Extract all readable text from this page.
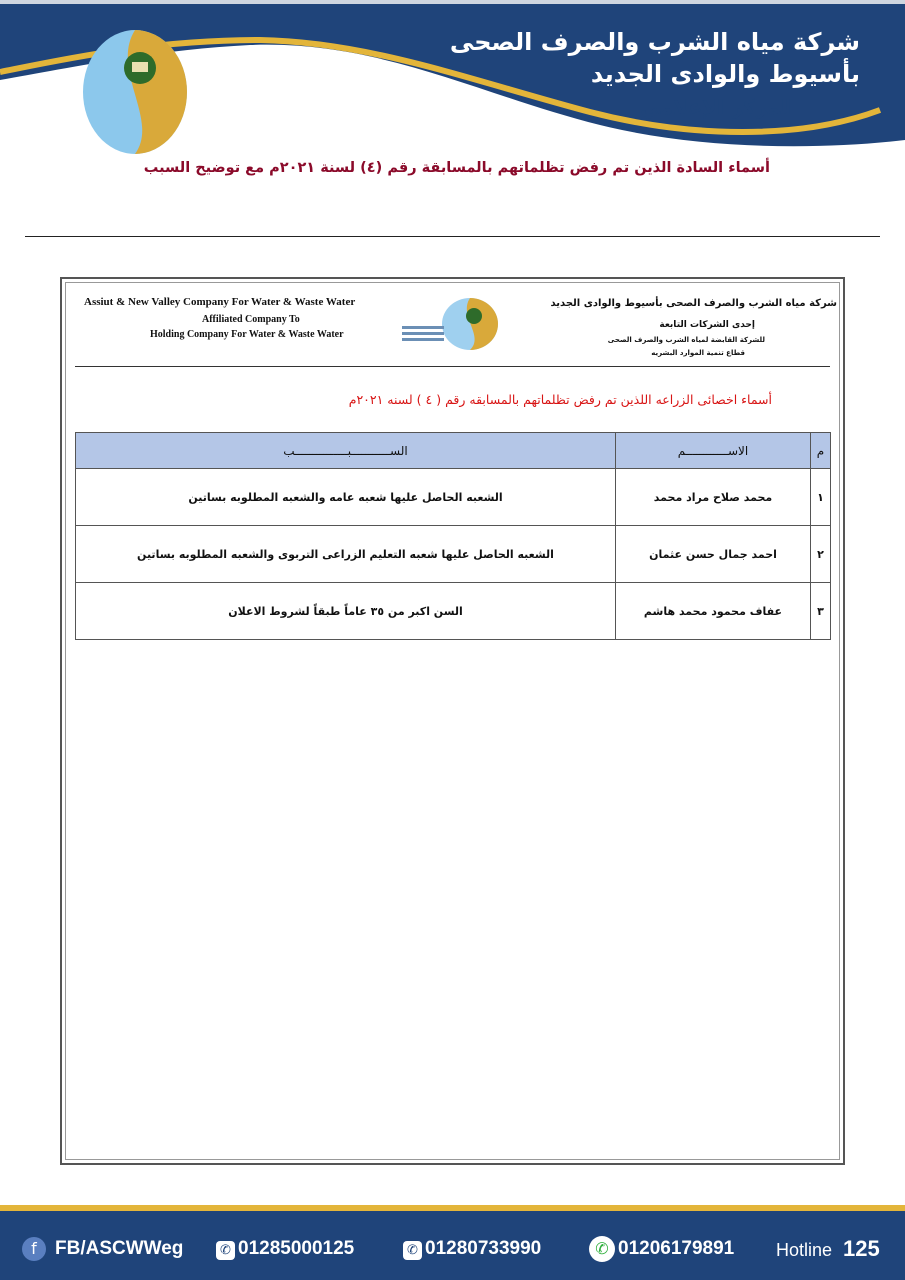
شركة مياه الشرب والصرف الصحى
بأسيوط والوادى الجديد
المركز الإعلامي
أسماء السادة الذين تم رفض تظلماتهم بالمسابقة رقم (٤) لسنة ٢٠٢١م مع توضيح السبب
Assiut & New Valley Company For Water & Waste Water
Affiliated Company To
Holding Company For Water & Waste Water
شركة مياه الشرب والصرف الصحى بأسيوط والوادى الجديد
إحدى الشركات التابعة
للشركة القابضة لمياه الشرب والصرف الصحى
قطاع تنمية الموارد البشريه
أسماء اخصائى الزراعه اللذين تم رفض تظلماتهم بالمسابقه رقم ( ٤ ) لسنه ٢٠٢١م
م	الاســــــــــــم	الســـــــــــبـــــــــــــــب
١	محمد صلاح مراد محمد	الشعبه الحاصل عليها شعبه عامه والشعبه المطلوبه بساتين
٢	احمد جمال حسن عثمان	الشعبه الحاصل عليها شعبه التعليم الزراعى التربوى والشعبه المطلوبه بساتين
٣	عفاف محمود محمد هاشم	السن اكبر من ٣٥ عاماً طبقاً لشروط الاعلان
f FB/ASCWWeg	✆ 01285000125	✆ 01280733990	✆ 01206179891 Hotline 125
